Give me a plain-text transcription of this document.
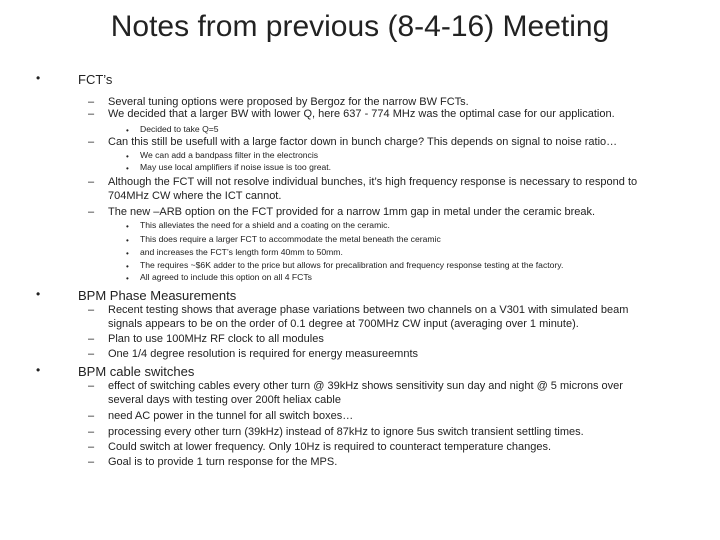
Notes from previous (8-4-16) Meeting
•	FCT’s
– Several tuning options were proposed by Bergoz for the narrow BW FCTs.
– We decided that a larger BW with lower Q, here 637 - 774 MHz was the optimal case for our application.
• Decided to take Q=5
– Can this still be usefull with a large factor down in bunch charge? This depends on signal to noise ratio…
• We can add a bandpass filter in the electroncis
• May use local amplifiers if noise issue is too great.
– Although the FCT will not resolve individual bunches, it’s high frequency response is necessary to respond to
704MHz CW where the ICT cannot.
– The new –ARB option on the FCT provided for a narrow 1mm gap in metal under the ceramic break.
• This alleviates the need for a shield and a coating on the ceramic.
• This does require a larger FCT to accommodate the metal beneath the ceramic
• and increases the FCT’s length form 40mm to 50mm.
• The requires ~$6K adder to the price but allows for precalibration and frequency response testing at the factory.
• All agreed to include this option on all 4 FCTs
•	BPM Phase Measurements
– Recent testing shows that average phase variations between two channels on a V301 with simulated beam
signals appears to be on the order of 0.1 degree at 700MHz CW input (averaging over 1 minute).
– Plan to use 100MHz RF clock to all modules
– One 1/4 degree resolution is required for energy measureemnts
•	BPM cable switches
– effect of switching cables every other turn @ 39kHz shows sensitivity sun day and night @ 5 microns over
several days with testing over 200ft heliax cable
– need AC power in the tunnel for all switch boxes…
– processing every other turn (39kHz) instead of 87kHz to ignore 5us switch transient settling times.
– Could switch at lower frequency. Only 10Hz is required to counteract temperature changes.
– Goal is to provide 1 turn response for the MPS.
